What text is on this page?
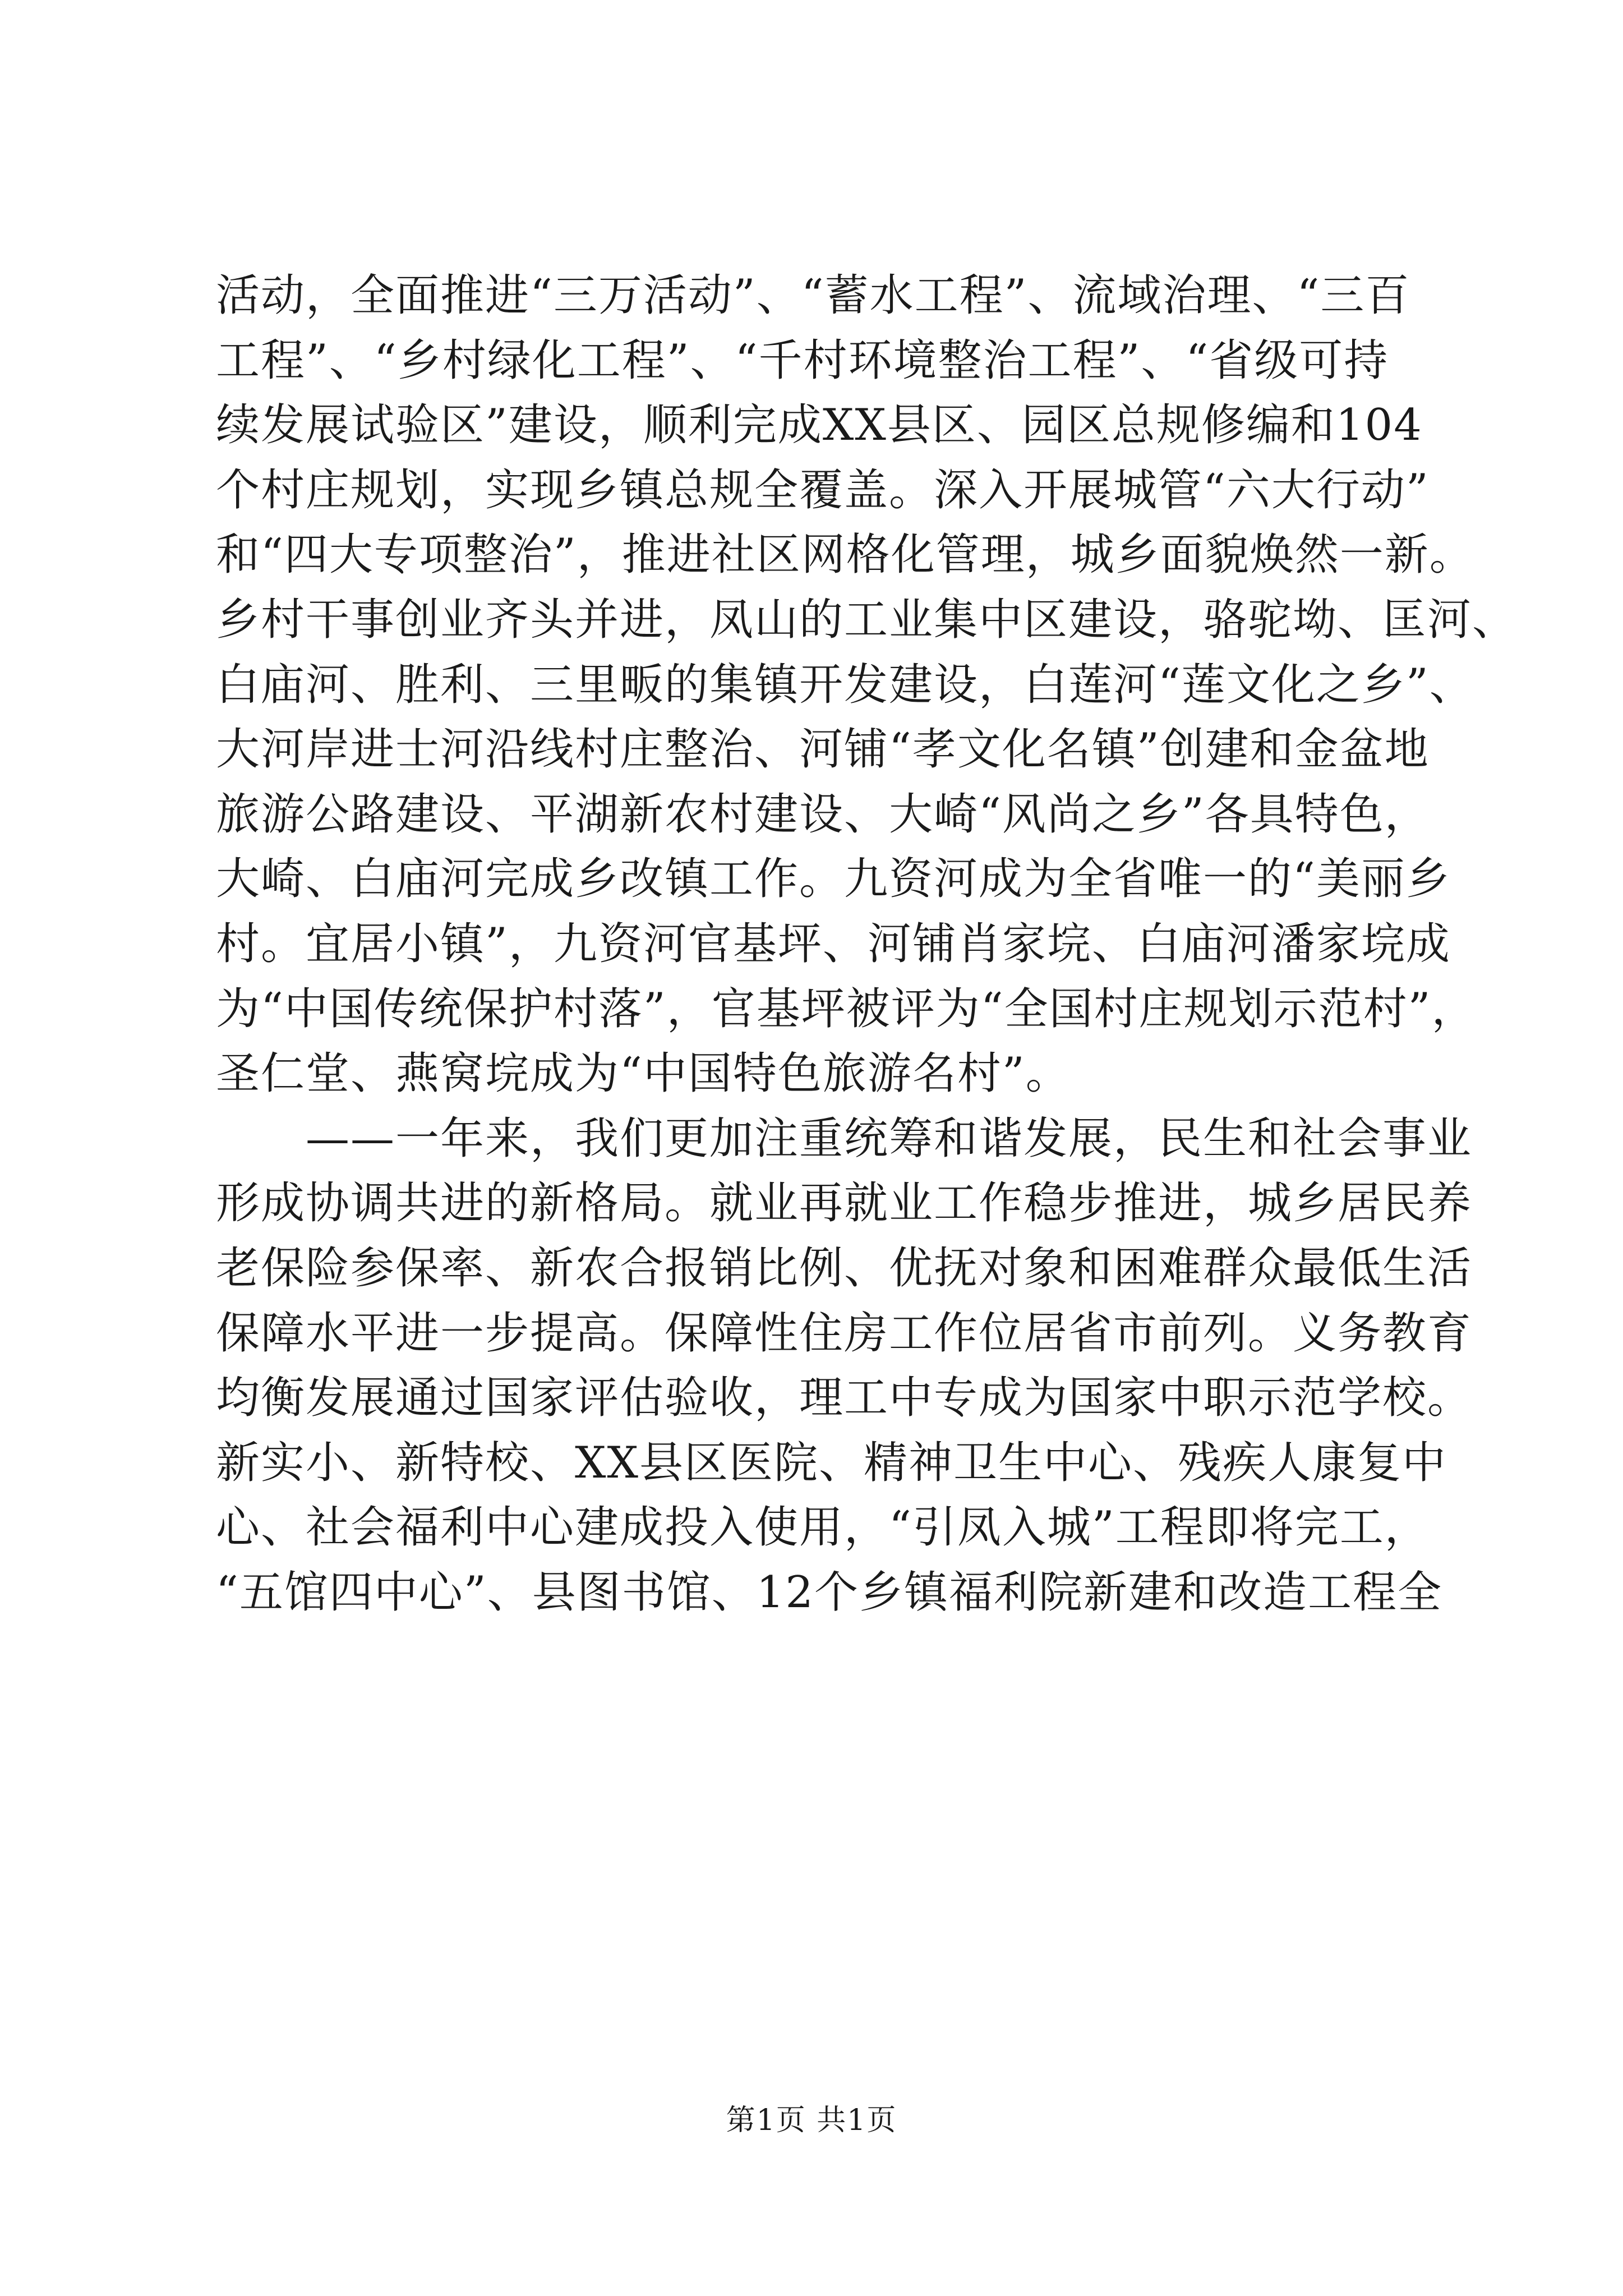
活动，全面推进“三万活动”、“蓄水工程”、流域治理、“三百
工程”、“乡村绿化工程”、“千村环境整治工程”、“省级可持
续发展试验区”建设，顺利完成XX县区、园区总规修编和104
个村庄规划，实现乡镇总规全覆盖。深入开展城管“六大行动”
和“四大专项整治”，推进社区网格化管理，城乡面貌焕然一新。
乡村干事创业齐头并进，凤山的工业集中区建设，骆驼坳、匡河、
白庙河、胜利、三里畈的集镇开发建设，白莲河“莲文化之乡”、
大河岸进士河沿线村庄整治、河铺“孝文化名镇”创建和金盆地
旅游公路建设、平湖新农村建设、大崎“风尚之乡”各具特色，
大崎、白庙河完成乡改镇工作。九资河成为全省唯一的“美丽乡
村。宜居小镇”，九资河官基坪、河铺肖家垸、白庙河潘家垸成
为“中国传统保护村落”，官基坪被评为“全国村庄规划示范村”，
圣仁堂、燕窝垸成为“中国特色旅游名村”。
　　——一年来，我们更加注重统筹和谐发展，民生和社会事业
形成协调共进的新格局。就业再就业工作稳步推进，城乡居民养
老保险参保率、新农合报销比例、优抚对象和困难群众最低生活
保障水平进一步提高。保障性住房工作位居省市前列。义务教育
均衡发展通过国家评估验收，理工中专成为国家中职示范学校。
新实小、新特校、XX县区医院、精神卫生中心、残疾人康复中
心、社会福利中心建成投入使用，“引凤入城”工程即将完工，
“五馆四中心”、县图书馆、12个乡镇福利院新建和改造工程全
第1页 共1页
